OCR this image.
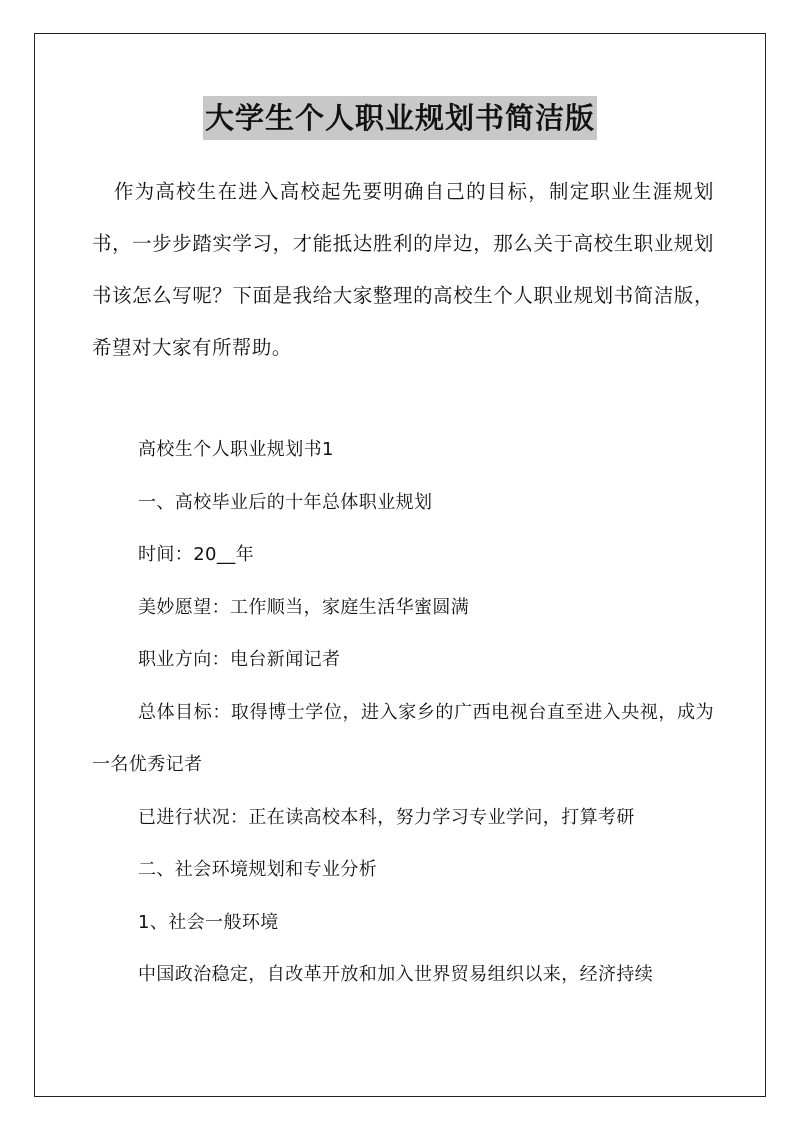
大学生个人职业规划书简洁版

作为高校生在进入高校起先要明确自己的目标，制定职业生涯规划书，一步步踏实学习，才能抵达胜利的岸边，那么关于高校生职业规划书该怎么写呢？下面是我给大家整理的高校生个人职业规划书简洁版，希望对大家有所帮助。

高校生个人职业规划书1

一、高校毕业后的十年总体职业规划

时间：20__年

美妙愿望：工作顺当，家庭生活华蜜圆满

职业方向：电台新闻记者

总体目标：取得博士学位，进入家乡的广西电视台直至进入央视，成为一名优秀记者

已进行状况：正在读高校本科，努力学习专业学问，打算考研

二、社会环境规划和专业分析

1、社会一般环境

中国政治稳定，自改革开放和加入世界贸易组织以来，经济持续
